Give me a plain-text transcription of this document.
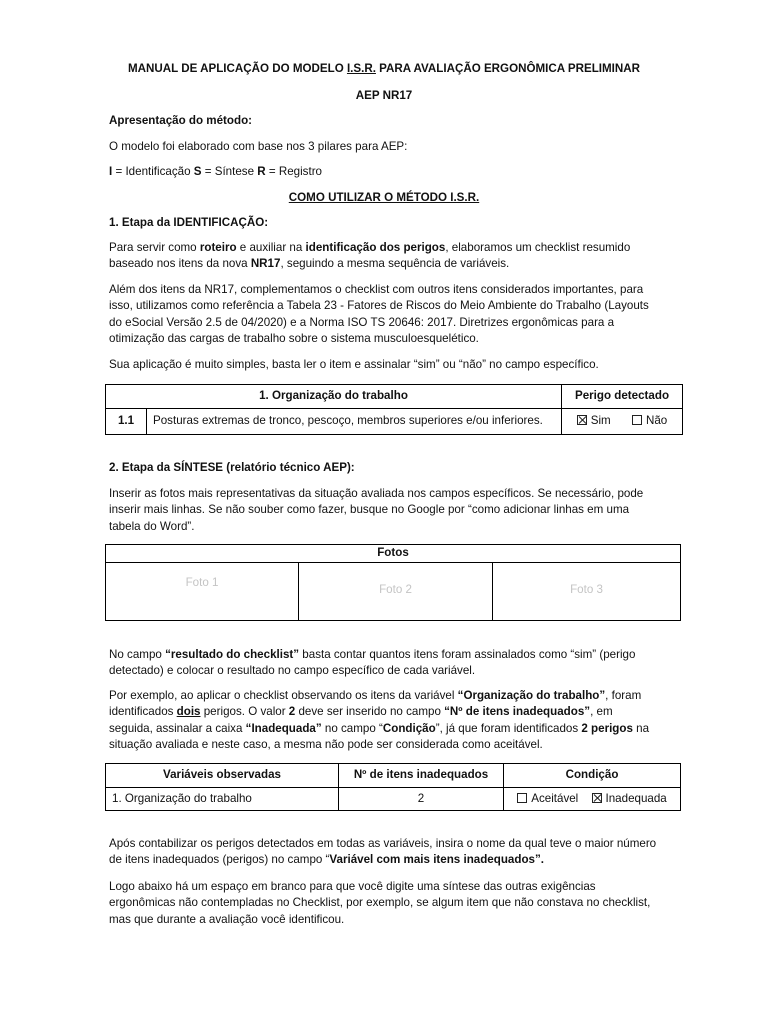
MANUAL DE APLICAÇÃO DO MODELO I.S.R. PARA AVALIAÇÃO ERGONÔMICA PRELIMINAR

AEP NR17

Apresentação do método:

O modelo foi elaborado com base nos 3 pilares para AEP:

I = Identificação S = Síntese R = Registro

COMO UTILIZAR O MÉTODO I.S.R.

1. Etapa da IDENTIFICAÇÃO:

Para servir como roteiro e auxiliar na identificação dos perigos, elaboramos um checklist resumido baseado nos itens da nova NR17, seguindo a mesma sequência de variáveis.

Além dos itens da NR17, complementamos o checklist com outros itens considerados importantes, para isso, utilizamos como referência a Tabela 23 - Fatores de Riscos do Meio Ambiente do Trabalho (Layouts do eSocial Versão 2.5 de 04/2020) e a Norma ISO TS 20646: 2017. Diretrizes ergonômicas para a otimização das cargas de trabalho sobre o sistema musculoesquelético.

Sua aplicação é muito simples, basta ler o item e assinalar “sim” ou “não” no campo específico.

1. Organização do trabalho		Perigo detectado
1.1	Posturas extremas de tronco, pescoço, membros superiores e/ou inferiores.	Sim Não

2. Etapa da SÍNTESE (relatório técnico AEP):

Inserir as fotos mais representativas da situação avaliada nos campos específicos. Se necessário, pode inserir mais linhas. Se não souber como fazer, busque no Google por “como adicionar linhas em uma tabela do Word”.

Fotos
Foto 1	Foto 2	Foto 3

No campo “resultado do checklist” basta contar quantos itens foram assinalados como “sim” (perigo detectado) e colocar o resultado no campo específico de cada variável.

Por exemplo, ao aplicar o checklist observando os itens da variável “Organização do trabalho”, foram identificados dois perigos. O valor 2 deve ser inserido no campo “Nº de itens inadequados”, em seguida, assinalar a caixa “Inadequada” no campo “Condição”, já que foram identificados 2 perigos na situação avaliada e neste caso, a mesma não pode ser considerada como aceitável.

Variáveis observadas	Nº de itens inadequados	Condição
1. Organização do trabalho	2	Aceitável Inadequada

Após contabilizar os perigos detectados em todas as variáveis, insira o nome da qual teve o maior número de itens inadequados (perigos) no campo “Variável com mais itens inadequados”.

Logo abaixo há um espaço em branco para que você digite uma síntese das outras exigências ergonômicas não contempladas no Checklist, por exemplo, se algum item que não constava no checklist, mas que durante a avaliação você identificou.
